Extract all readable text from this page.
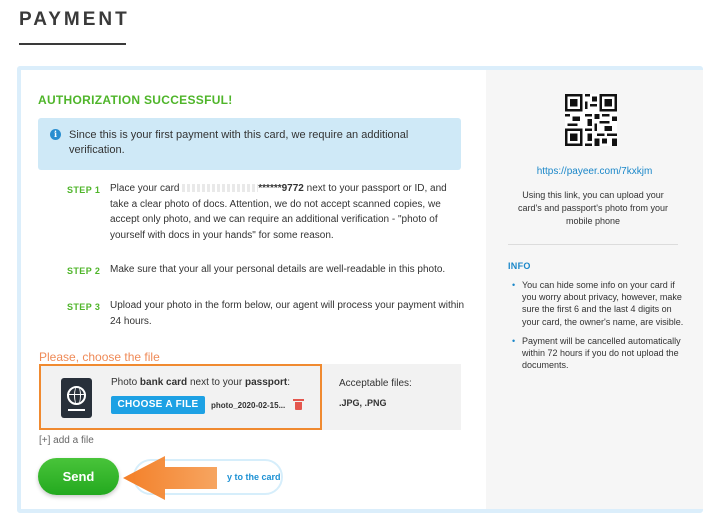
PAYMENT
AUTHORIZATION SUCCESSFUL!
i	Since this is your first payment with this card, we require an additional verification.
STEP 1 Place your card	******9772 next to your passport or ID, and take a clear photo of docs. Attention, we do not accept scanned copies, we accept only photo, and we can require an additional verification - "photo of yourself with docs in your hands" for some reason.
STEP 2 Make sure that your all your personal details are well-readable in this photo.
STEP 3 Upload your photo in the form below, our agent will process your payment within 24 hours.
Please, choose the file
Photo bank card next to your passport:
CHOOSE A FILE	photo_2020-02-15...
Acceptable files:
.JPG, .PNG
[+] add a file
y to the card
Send
https://payeer.com/7kxkjm
Using this link, you can upload your card's and passport's photo from your mobile phone
INFO
• You can hide some info on your card if you worry about privacy, however, make sure the first 6 and the last 4 digits on your card, the owner's name, are visible.
• Payment will be cancelled automatically within 72 hours if you do not upload the documents.
